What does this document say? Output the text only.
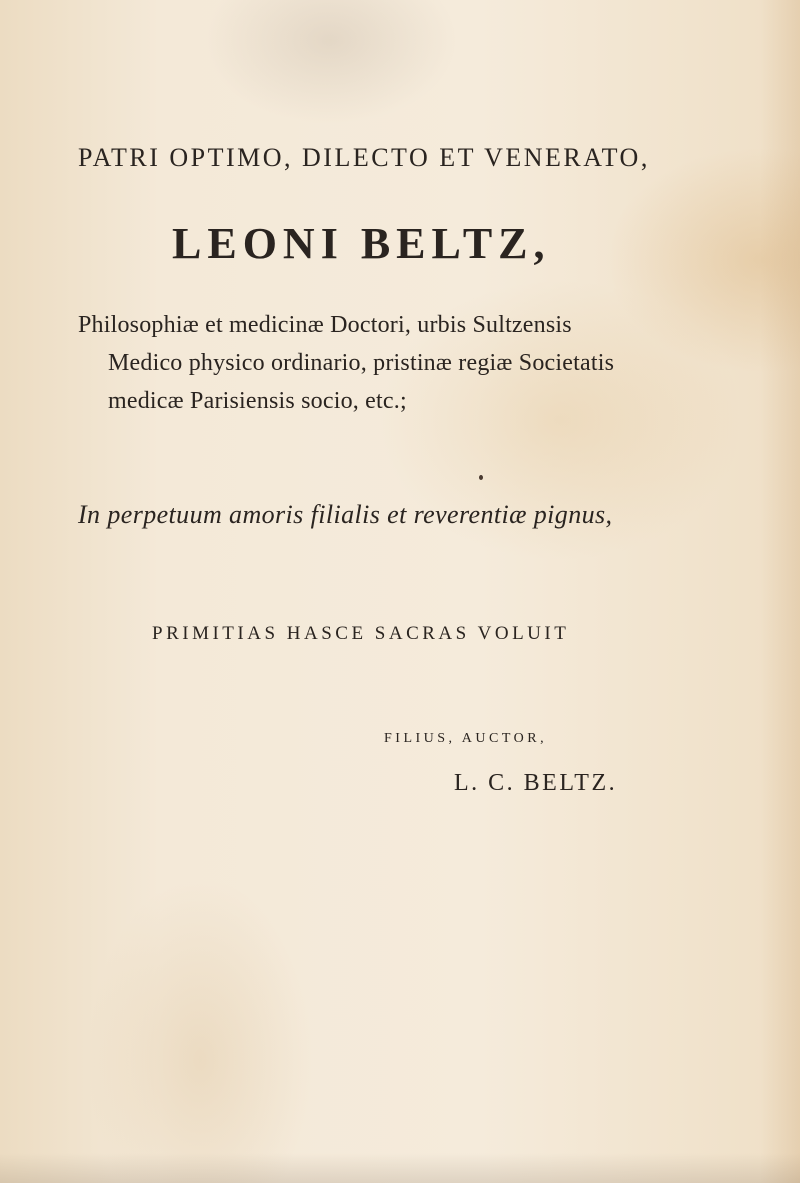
PATRI OPTIMO, DILECTO ET VENERATO,
LEONI BELTZ,
Philosophiæ et medicinæ Doctori, urbis Sultzensis
Medico physico ordinario, pristinæ regiæ Societatis
medicæ Parisiensis socio, etc.;
In perpetuum amoris filialis et reverentiæ pignus,
PRIMITIAS HASCE SACRAS VOLUIT
FILIUS, AUCTOR,
L. C. BELTZ.
